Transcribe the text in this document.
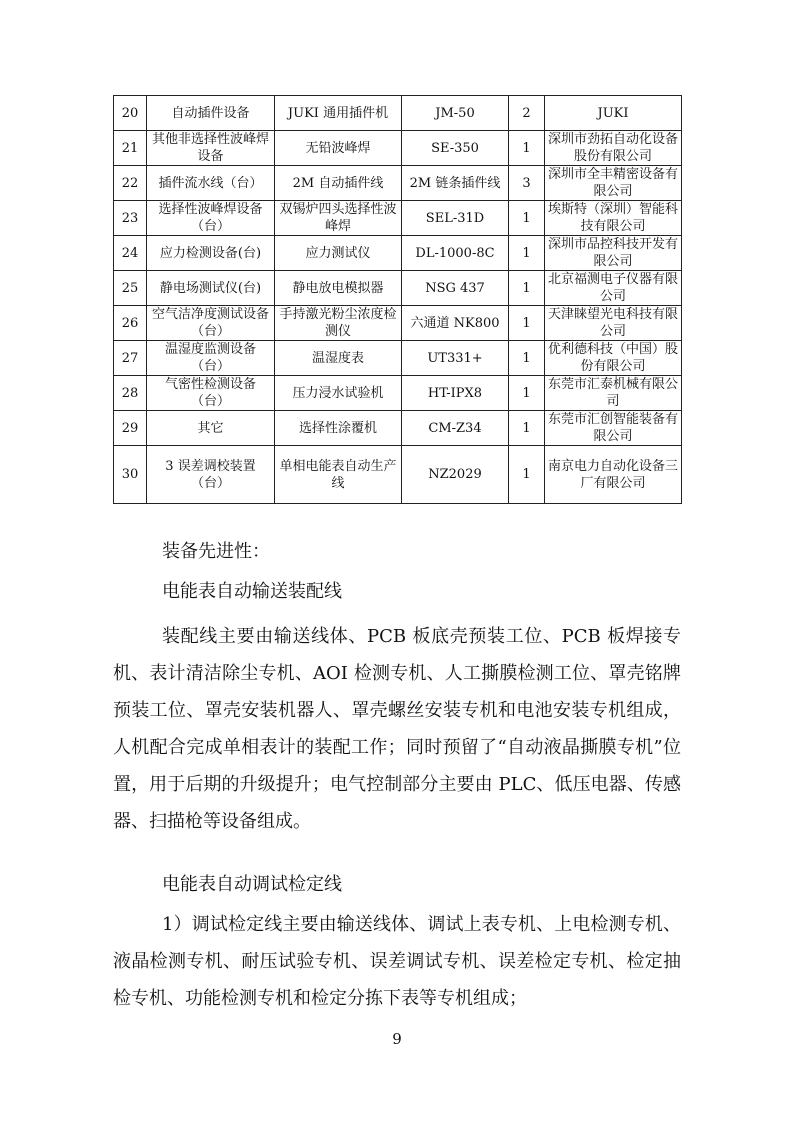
20	自动插件设备	JUKI 通用插件机	JM-50	2	JUKI
21	其他非选择性波峰焊设备	无铅波峰焊	SE-350	1	深圳市劲拓自动化设备股份有限公司
22	插件流水线（台）	2M 自动插件线	2M 链条插件线	3	深圳市全丰精密设备有限公司
23	选择性波峰焊设备（台）	双锡炉四头选择性波峰焊	SEL-31D	1	埃斯特（深圳）智能科技有限公司
24	应力检测设备(台)	应力测试仪	DL-1000-8C	1	深圳市品控科技开发有限公司
25	静电场测试仪(台)	静电放电模拟器	NSG 437	1	北京福测电子仪器有限公司
26	空气洁净度测试设备（台）	手持激光粉尘浓度检测仪	六通道 NK800	1	天津睐望光电科技有限公司
27	温湿度监测设备（台）	温湿度表	UT331+	1	优利德科技（中国）股份有限公司
28	气密性检测设备（台）	压力浸水试验机	HT-IPX8	1	东莞市汇泰机械有限公司
29	其它	选择性涂覆机	CM-Z34	1	东莞市汇创智能装备有限公司
30	3 误差调校装置（台）	单相电能表自动生产线	NZ2029	1	南京电力自动化设备三厂有限公司

装备先进性：

电能表自动输送装配线

装配线主要由输送线体、PCB 板底壳预装工位、PCB 板焊接专机、表计清洁除尘专机、AOI 检测专机、人工撕膜检测工位、罩壳铭牌预装工位、罩壳安装机器人、罩壳螺丝安装专机和电池安装专机组成，人机配合完成单相表计的装配工作；同时预留了“自动液晶撕膜专机”位置，用于后期的升级提升；电气控制部分主要由 PLC、低压电器、传感器、扫描枪等设备组成。

电能表自动调试检定线

1）调试检定线主要由输送线体、调试上表专机、上电检测专机、液晶检测专机、耐压试验专机、误差调试专机、误差检定专机、检定抽检专机、功能检测专机和检定分拣下表等专机组成；

9
